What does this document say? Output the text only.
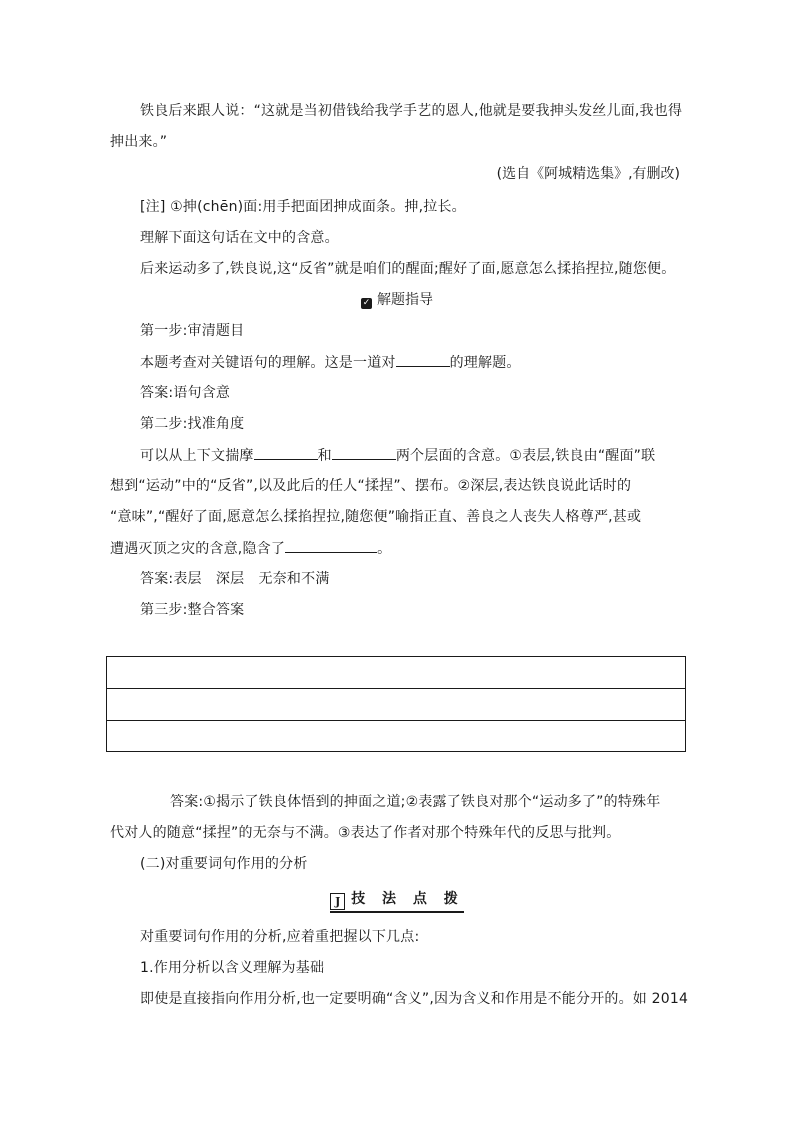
铁良后来跟人说：“这就是当初借钱给我学手艺的恩人,他就是要我抻头发丝儿面,我也得
抻出来。”
(选自《阿城精选集》,有删改)
[注] ①抻(chēn)面:用手把面团抻成面条。抻,拉长。
理解下面这句话在文中的含意。
后来运动多了,铁良说,这“反省”就是咱们的醒面;醒好了面,愿意怎么揉掐捏拉,随您便。
✓ 解题指导
第一步:审清题目
本题考查对关键语句的理解。这是一道对	的理解题。
答案:语句含意
第二步:找准角度
可以从上下文揣摩	和	两个层面的含意。①表层,铁良由“醒面”联
想到“运动”中的“反省”,以及此后的任人“揉捏”、摆布。②深层,表达铁良说此话时的
“意味”,“醒好了面,愿意怎么揉掐捏拉,随您便”喻指正直、善良之人丧失人格尊严,甚或
遭遇灭顶之灾的含意,隐含了	。
答案:表层　深层　无奈和不满
第三步:整合答案
答案:①揭示了铁良体悟到的抻面之道;②表露了铁良对那个“运动多了”的特殊年
代对人的随意“揉捏”的无奈与不满。③表达了作者对那个特殊年代的反思与批判。
(二)对重要词句作用的分析
J 技 法 点 拨
对重要词句作用的分析,应着重把握以下几点:
1.作用分析以含义理解为基础
即使是直接指向作用分析,也一定要明确“含义”,因为含义和作用是不能分开的。如 2014
